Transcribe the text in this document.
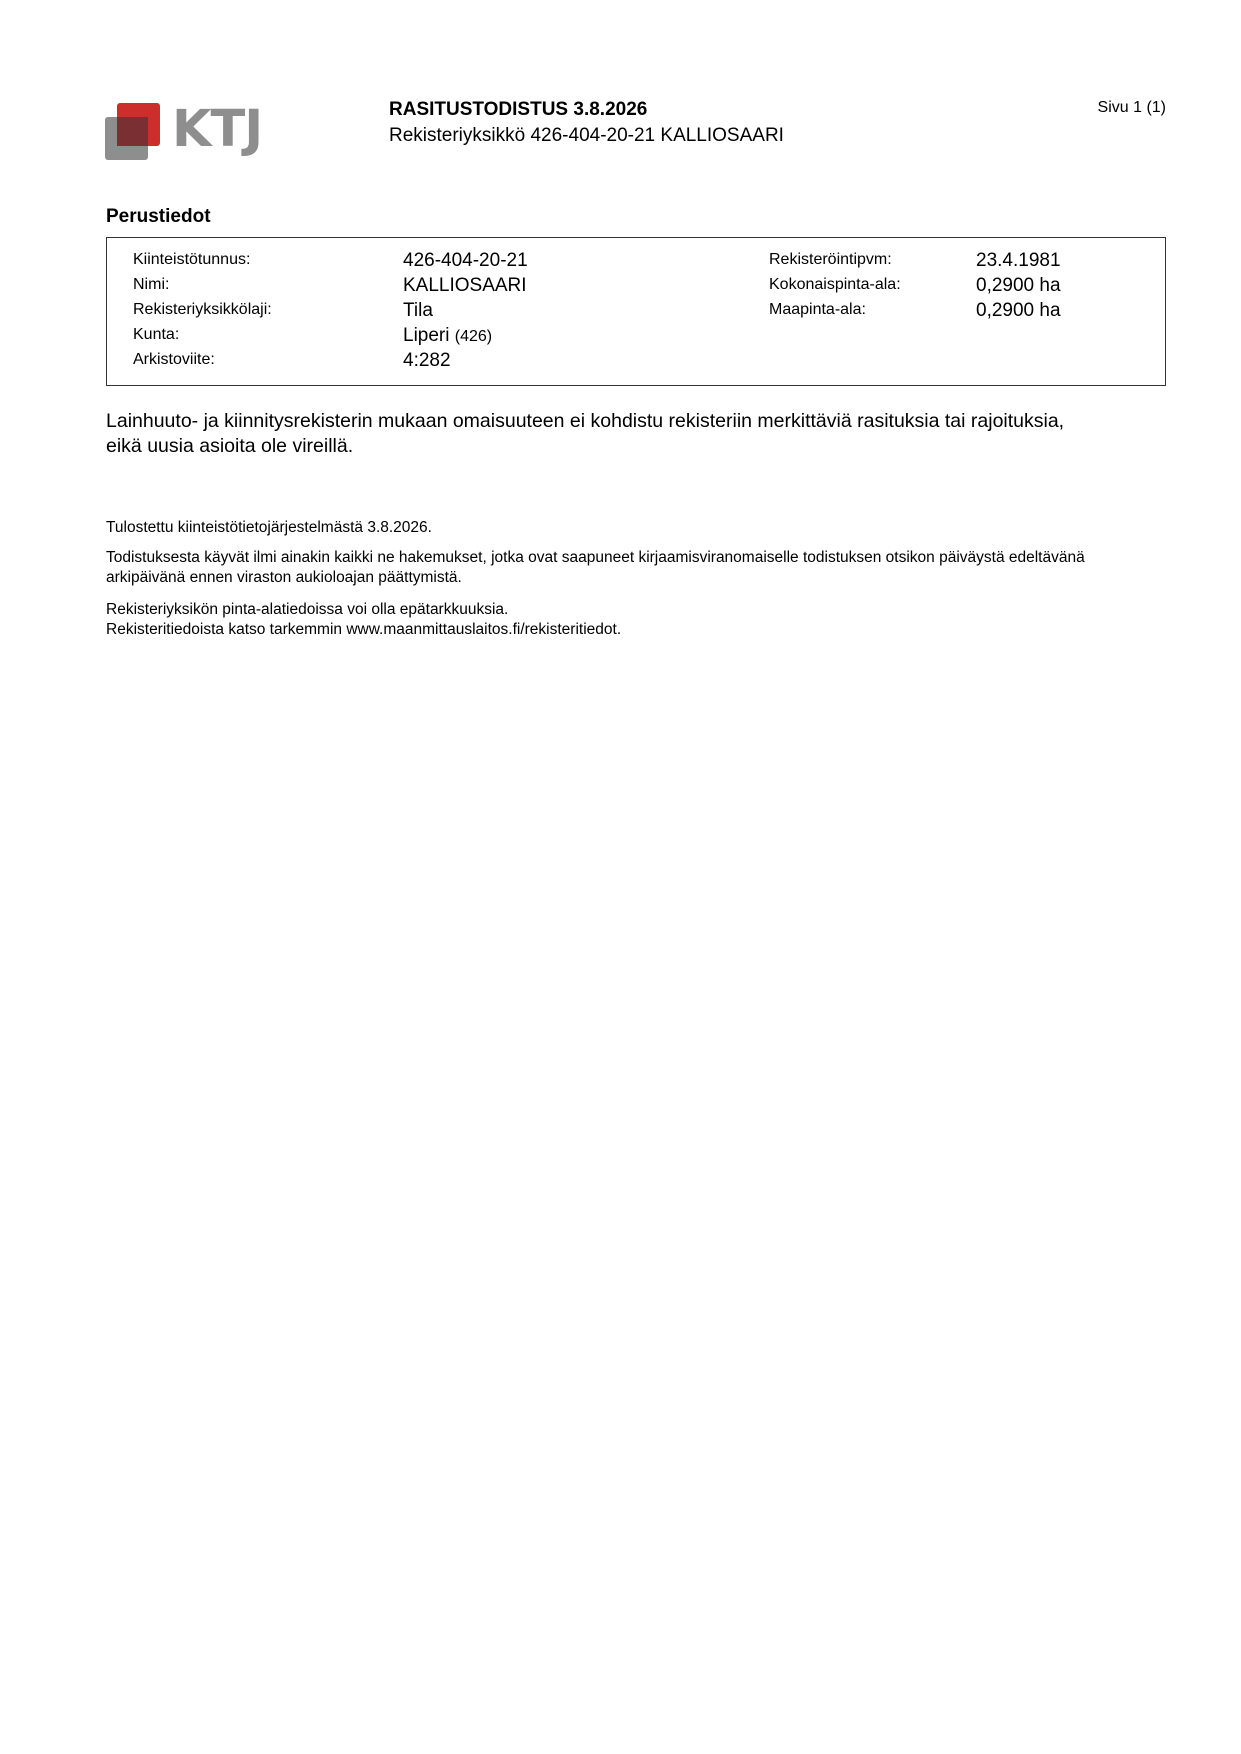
KTJ	RASITUSTODISTUS 3.8.2026
Rekisteriyksikkö 426-404-20-21 KALLIOSAARI
Sivu 1 (1)
Perustiedot
Kiinteistötunnus:
Nimi:
Rekisteriyksikkölaji:
Kunta:
Arkistoviite:
426-404-20-21
KALLIOSAARI
Tila
Liperi (426)
4:282
Rekisteröintipvm:
Kokonaispinta-ala:
Maapinta-ala:
23.4.1981
0,2900 ha
0,2900 ha
Lainhuuto- ja kiinnitysrekisterin mukaan omaisuuteen ei kohdistu rekisteriin merkittäviä rasituksia tai rajoituksia,
eikä uusia asioita ole vireillä.
Tulostettu kiinteistötietojärjestelmästä 3.8.2026.
Todistuksesta käyvät ilmi ainakin kaikki ne hakemukset, jotka ovat saapuneet kirjaamisviranomaiselle todistuksen otsikon päiväystä edeltävänä
arkipäivänä ennen viraston aukioloajan päättymistä.
Rekisteriyksikön pinta-alatiedoissa voi olla epätarkkuuksia.
Rekisteritiedoista katso tarkemmin www.maanmittauslaitos.fi/rekisteritiedot.
